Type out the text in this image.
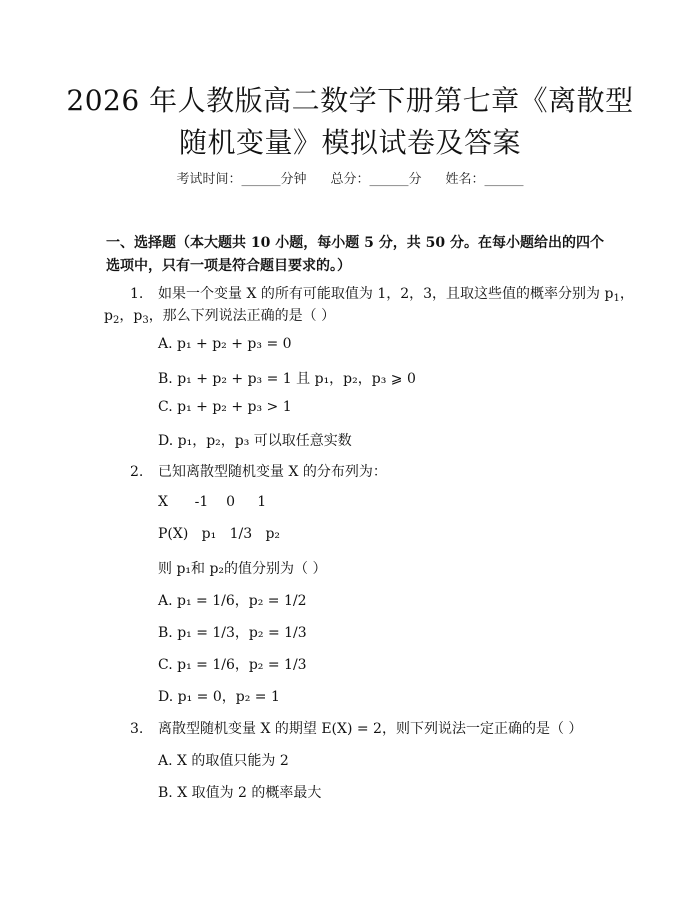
2026 年人教版高二数学下册第七章《离散型
随机变量》模拟试卷及答案
考试时间：______分钟 总分：______分 姓名：______
一、选择题（本大题共 10 小题，每小题 5 分，共 50 分。在每小题给出的四个选项中，只有一项是符合题目要求的。）
1. 如果一个变量 X 的所有可能取值为 1，2，3，且取这些值的概率分别为 $p_1$，
$p_2$，$p_3$，那么下列说法正确的是（ ）
A. p₁ + p₂ + p₃ = 0
B. p₁ + p₂ + p₃ = 1 且 p₁，p₂，p₃ ⩾ 0
C. p₁ + p₂ + p₃ > 1
D. p₁，p₂，p₃ 可以取任意实数
2. 已知离散型随机变量 X 的分布列为：
X      -1    0     1
P(X)   p₁   1/3   p₂
则 p₁和 p₂的值分别为（ ）
A. p₁ = 1/6，p₂ = 1/2
B. p₁ = 1/3，p₂ = 1/3
C. p₁ = 1/6，p₂ = 1/3
D. p₁ = 0，p₂ = 1
3. 离散型随机变量 X 的期望 E(X) = 2，则下列说法一定正确的是（ ）
A. X 的取值只能为 2
B. X 取值为 2 的概率最大
